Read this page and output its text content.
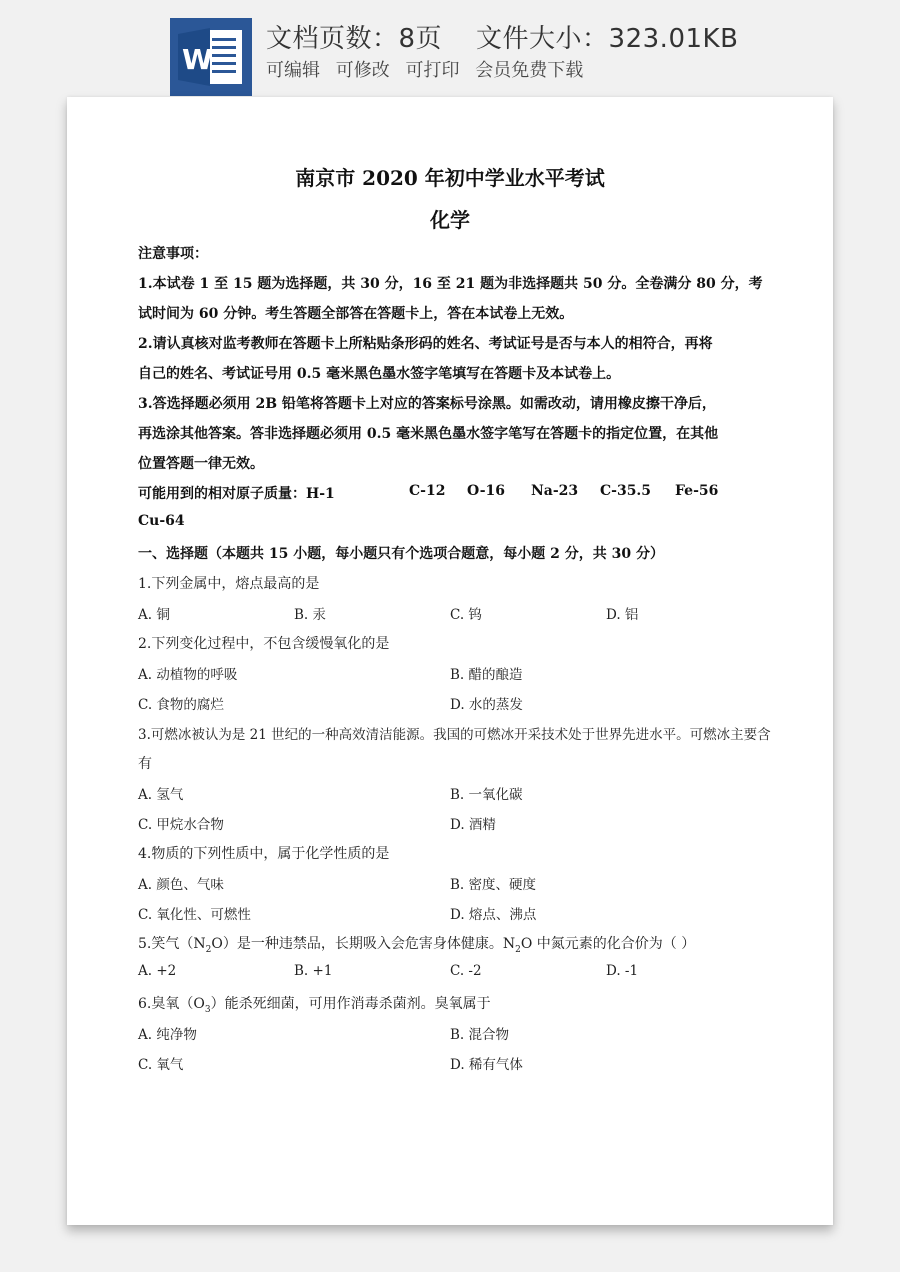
W
文档页数：8页 文件大小：323.01KB
可编辑 可修改 可打印 会员免费下载
南京市 2020 年初中学业水平考试
化学
注意事项：
1.本试卷 1 至 15 题为选择题，共 30 分，16 至 21 题为非选择题共 50 分。全卷满分 80 分，考
试时间为 60 分钟。考生答题全部答在答题卡上，答在本试卷上无效。
2.请认真核对监考教师在答题卡上所粘贴条形码的姓名、考试证号是否与本人的相符合，再将
自己的姓名、考试证号用 0.5 毫米黑色墨水签字笔填写在答题卡及本试卷上。
3.答选择题必须用 2B 铅笔将答题卡上对应的答案标号涂黑。如需改动，请用橡皮擦干净后，
再选涂其他答案。答非选择题必须用 0.5 毫米黑色墨水签字笔写在答题卡的指定位置，在其他
位置答题一律无效。
可能用到的相对原子质量：H-1	C-12 O-16 Na-23 C-35.5 Fe-56
Cu-64
一、选择题（本题共 15 小题，每小题只有个选项合题意，每小题 2 分，共 30 分）
1.下列金属中，熔点最高的是
A. 铜	B. 汞	C. 钨	D. 铝
2.下列变化过程中，不包含缓慢氧化的是
A. 动植物的呼吸	B. 醋的酿造
C. 食物的腐烂	D. 水的蒸发
3.可燃冰被认为是 21 世纪的一种高效清洁能源。我国的可燃冰开采技术处于世界先进水平。可燃冰主要含
有
A. 氢气	B. 一氧化碳
C. 甲烷水合物	D. 酒精
4.物质的下列性质中，属于化学性质的是
A. 颜色、气味	B. 密度、硬度
C. 氧化性、可燃性	D. 熔点、沸点
5.笑气$(N_2O)$是一种违禁品，长期吸入会危害身体健康。$N_2O$ 中氮元素的化合价为（ ）
A. +2	B. +1	C. -2	D. -1
6.臭氧$(O_3)$能杀死细菌，可用作消毒杀菌剂。臭氧属于
A. 纯净物	B. 混合物
C. 氧气	D. 稀有气体
